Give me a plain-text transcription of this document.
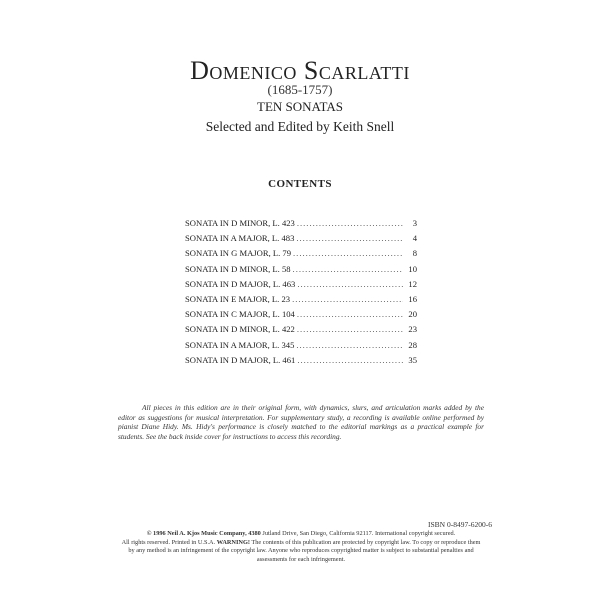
Domenico Scarlatti
(1685-1757)
TEN SONATAS
Selected and Edited by Keith Snell
CONTENTS
SONATA IN D MINOR, L. 423 .....	3
SONATA IN A MAJOR, L. 483 .....	4
SONATA IN G MAJOR, L. 79 .....	8
SONATA IN D MINOR, L. 58 .....	10
SONATA IN D MAJOR, L. 463 .....	12
SONATA IN E MAJOR, L. 23 .....	16
SONATA IN C MAJOR, L. 104 .....	20
SONATA IN D MINOR, L. 422 .....	23
SONATA IN A MAJOR, L. 345 .....	28
SONATA IN D MAJOR, L. 461 .....	35
All pieces in this edition are in their original form, with dynamics, slurs, and articulation marks added by the editor as suggestions for musical interpretation. For supplementary study, a recording is available online performed by pianist Diane Hidy. Ms. Hidy's performance is closely matched to the editorial markings as a practical example for students. See the back inside cover for instructions to access this recording.
ISBN 0-8497-6200-6
© 1996 Neil A. Kjos Music Company, 4380 Jutland Drive, San Diego, California 92117. International copyright secured.
All rights reserved. Printed in U.S.A. WARNING! The contents of this publication are protected by copyright law. To copy or reproduce them by any method is an infringement of the copyright law. Anyone who reproduces copyrighted matter is subject to substantial penalties and assessments for each infringement.
